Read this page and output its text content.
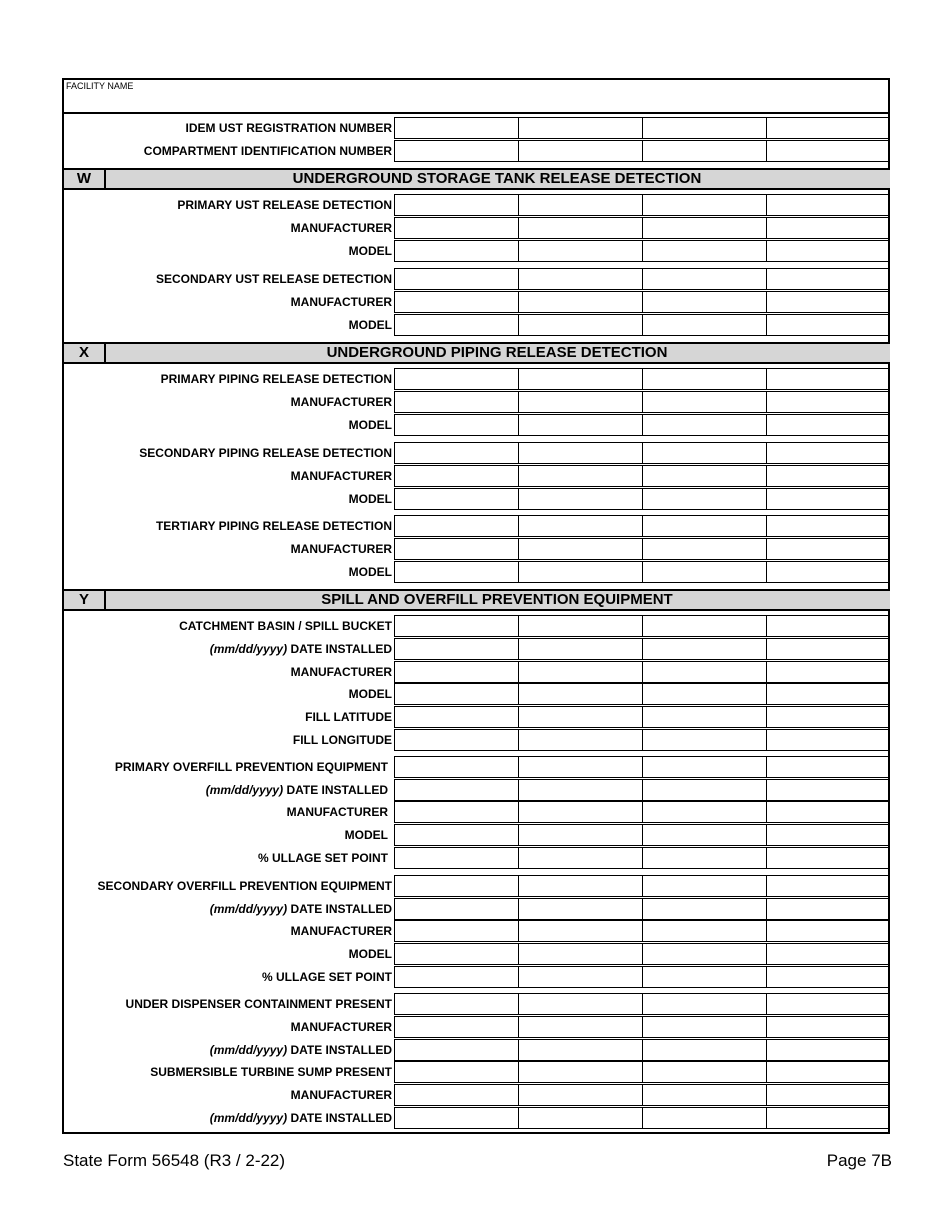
FACILITY NAME
IDEM UST REGISTRATION NUMBER
COMPARTMENT IDENTIFICATION NUMBER
W	UNDERGROUND STORAGE TANK RELEASE DETECTION
PRIMARY UST RELEASE DETECTION
MANUFACTURER
MODEL
SECONDARY UST RELEASE DETECTION
MANUFACTURER
MODEL
X	UNDERGROUND PIPING RELEASE DETECTION
PRIMARY PIPING RELEASE DETECTION
MANUFACTURER
MODEL
SECONDARY PIPING RELEASE DETECTION
MANUFACTURER
MODEL
TERTIARY PIPING RELEASE DETECTION
MANUFACTURER
MODEL
Y	SPILL AND OVERFILL PREVENTION EQUIPMENT
CATCHMENT BASIN / SPILL BUCKET
(mm/dd/yyyy) DATE INSTALLED
MANUFACTURER
MODEL
FILL LATITUDE
FILL LONGITUDE
PRIMARY OVERFILL PREVENTION EQUIPMENT
(mm/dd/yyyy) DATE INSTALLED
MANUFACTURER
MODEL
% ULLAGE SET POINT
SECONDARY OVERFILL PREVENTION EQUIPMENT
(mm/dd/yyyy) DATE INSTALLED
MANUFACTURER
MODEL
% ULLAGE SET POINT
UNDER DISPENSER CONTAINMENT PRESENT
MANUFACTURER
(mm/dd/yyyy) DATE INSTALLED
SUBMERSIBLE TURBINE SUMP PRESENT
MANUFACTURER
(mm/dd/yyyy) DATE INSTALLED
State Form 56548 (R3 / 2-22)	Page 7B
